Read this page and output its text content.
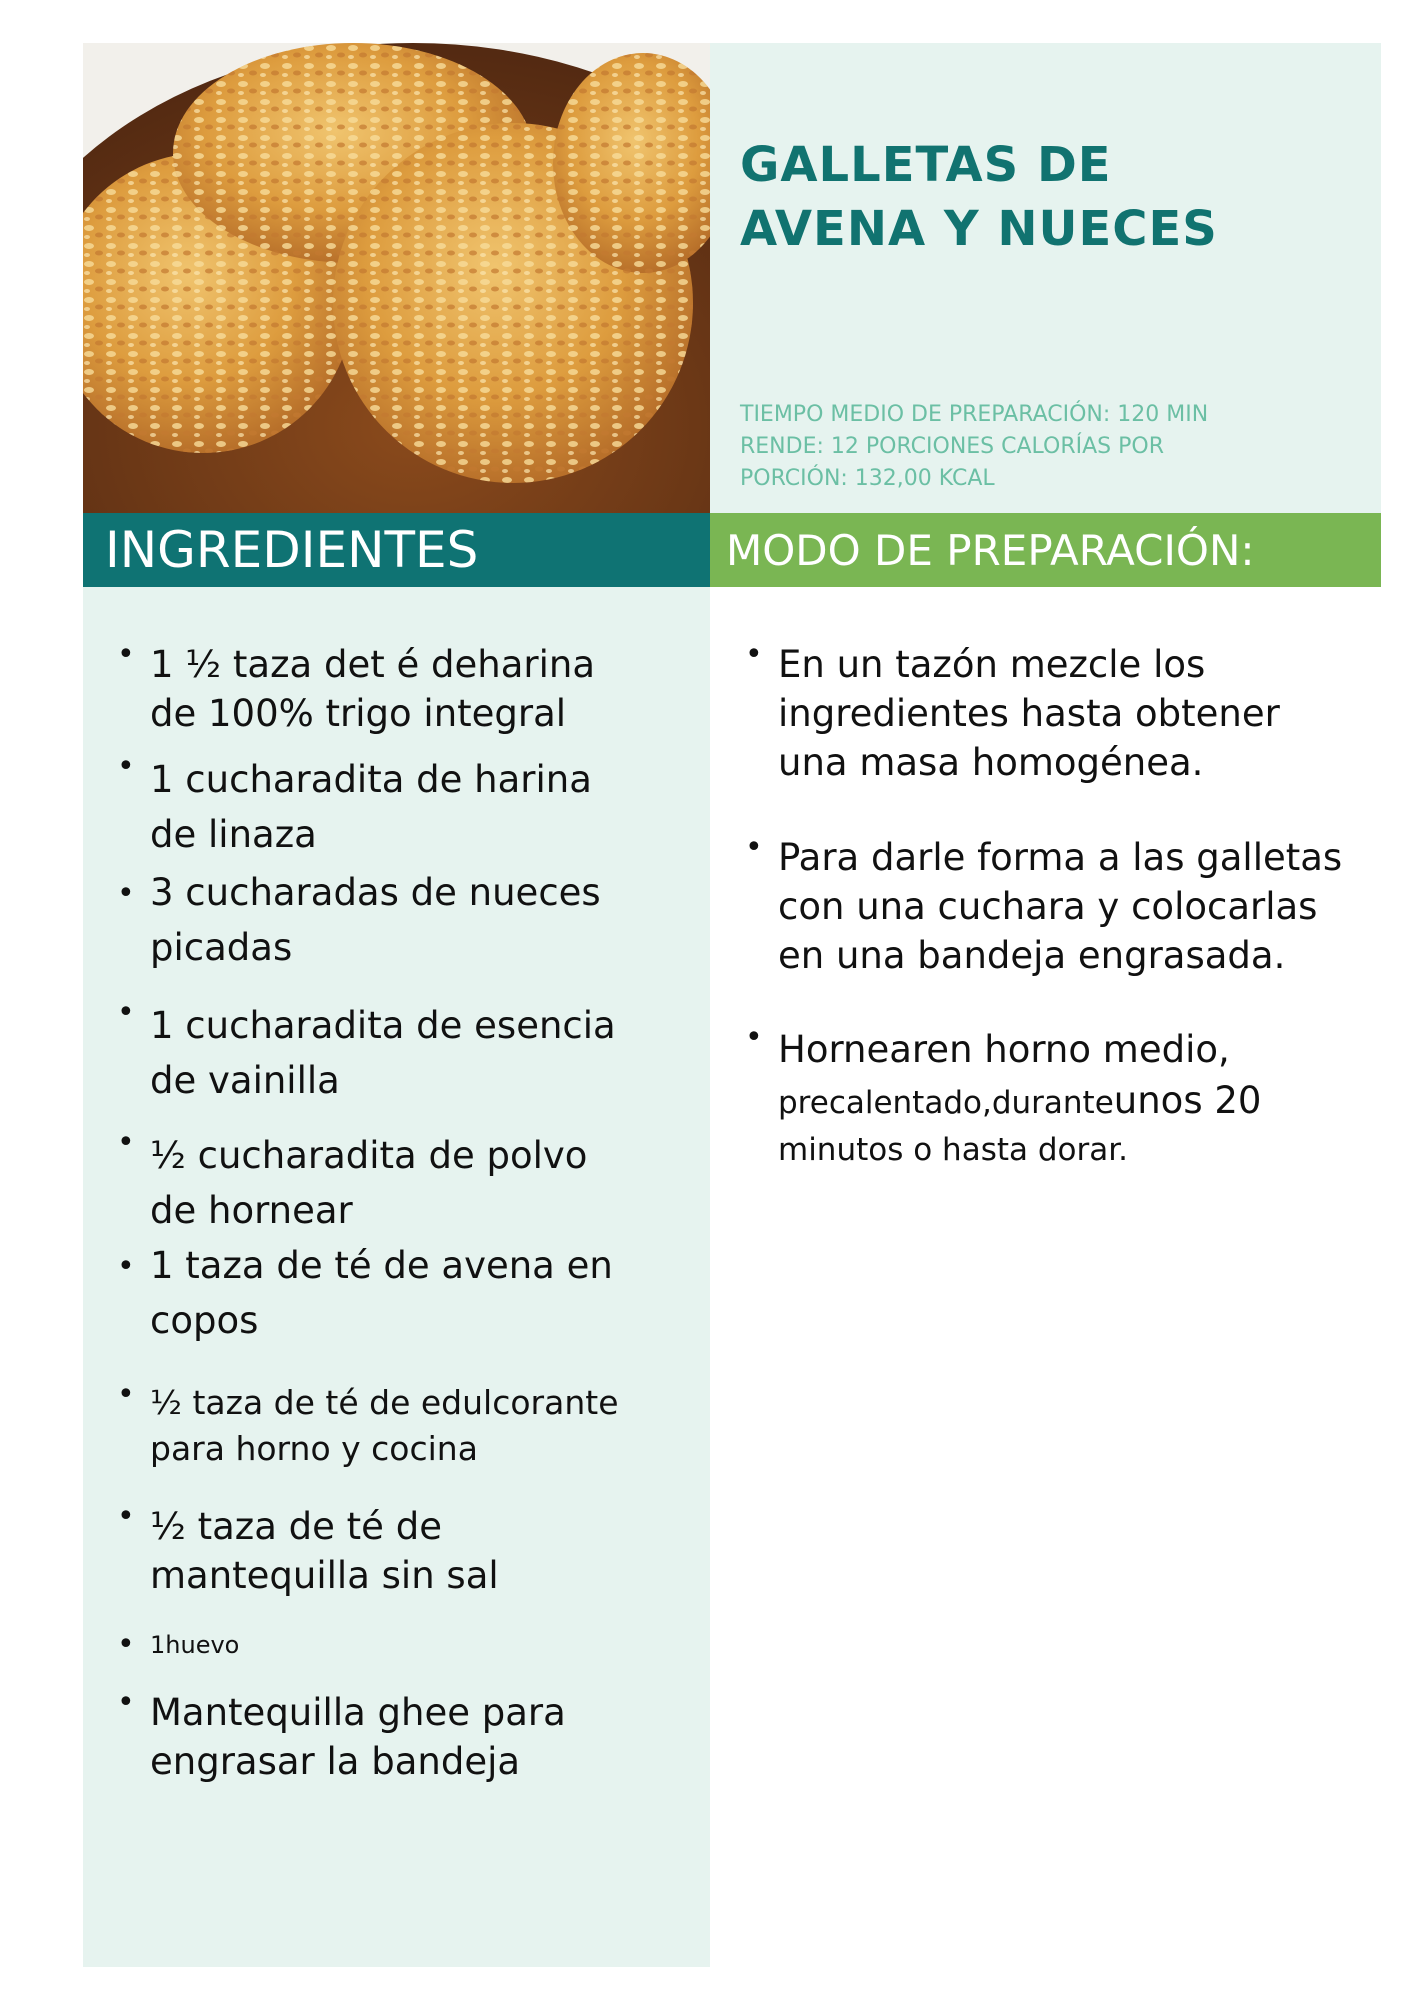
GALLETAS DE
AVENA Y NUECES
TIEMPO MEDIO DE PREPARACIÓN: 120 MIN
RENDE: 12 PORCIONES CALORÍAS POR
PORCIÓN: 132,00 KCAL
INGREDIENTES	MODO DE PREPARACIÓN:
• 1 ½ taza det é deharina
de 100% trigo integral
• 1 cucharadita de harina
de linaza
• 3 cucharadas de nueces
picadas
• 1 cucharadita de esencia
de vainilla
• ½ cucharadita de polvo
de hornear
• 1 taza de té de avena en
copos
• ½ taza de té de edulcorante
para horno y cocina
• ½ taza de té de
mantequilla sin sal
• 1huevo
• Mantequilla ghee para
engrasar la bandeja
• En un tazón mezcle los
ingredientes hasta obtener
una masa homogénea.
• Para darle forma a las galletas
con una cuchara y colocarlas
en una bandeja engrasada.
• Hornearen horno medio,
precalentado,duranteunos 20
minutos o hasta dorar.
